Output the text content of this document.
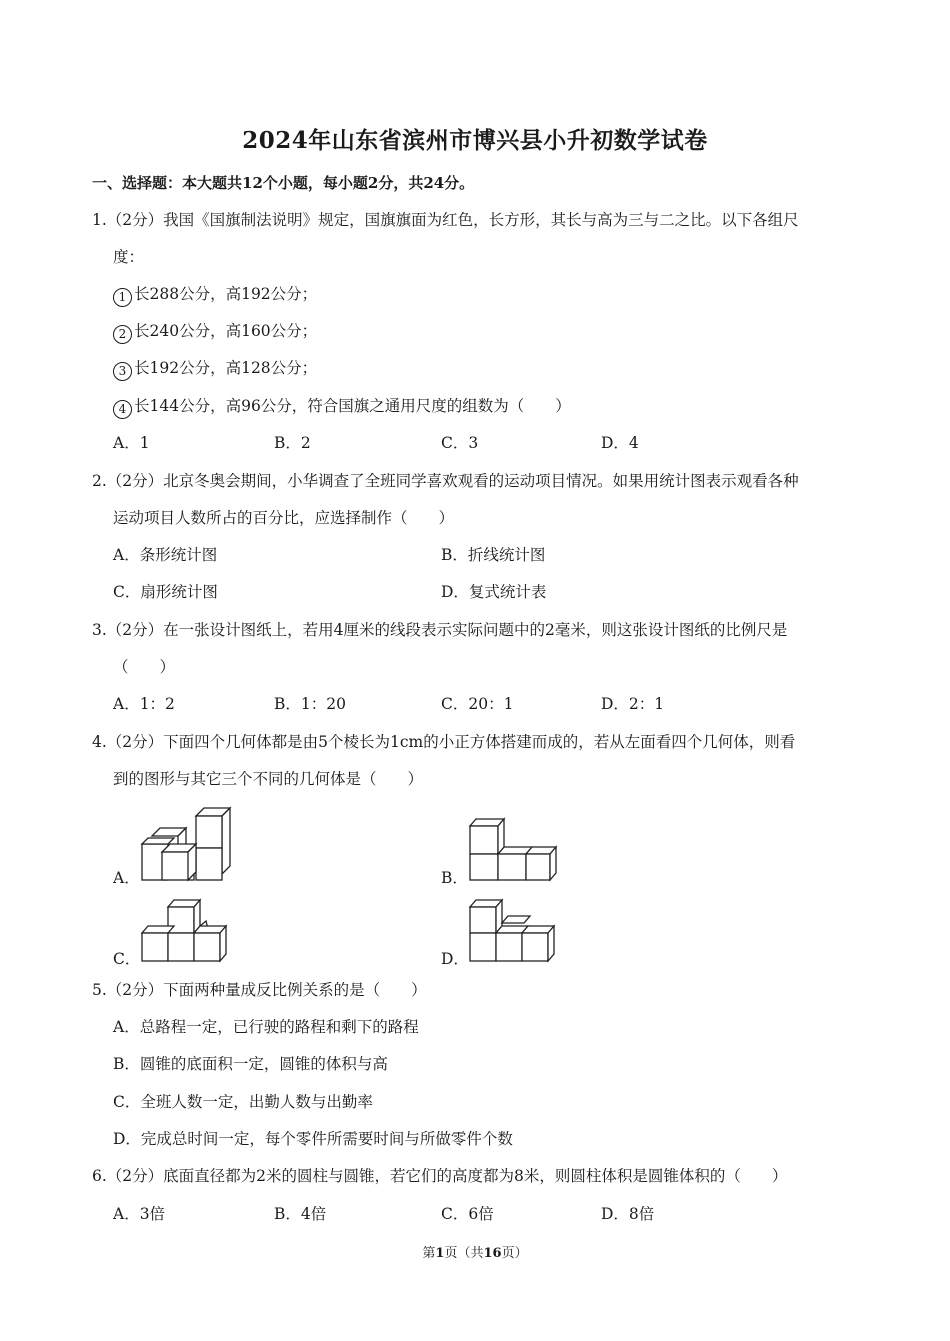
2024年山东省滨州市博兴县小升初数学试卷
一、选择题：本大题共12个小题，每小题2分，共24分。
1.（2分）我国《国旗制法说明》规定，国旗旗面为红色，长方形，其长与高为三与二之比。以下各组尺
度：
1 长288公分，高192公分；
2 长240公分，高160公分；
3 长192公分，高128公分；
4 长144公分，高96公分，符合国旗之通用尺度的组数为（　　）
A．1	B．2	C．3	D．4
2.（2分）北京冬奥会期间，小华调查了全班同学喜欢观看的运动项目情况。如果用统计图表示观看各种
运动项目人数所占的百分比，应选择制作（　　）
A．条形统计图	B．折线统计图
C．扇形统计图	D．复式统计表
3.（2分）在一张设计图纸上，若用4厘米的线段表示实际问题中的2毫米，则这张设计图纸的比例尺是
（　　）
A．1：2	B．1：20	C．20：1	D．2：1
4.（2分）下面四个几何体都是由5个棱长为1cm的小正方体搭建而成的，若从左面看四个几何体，则看
到的图形与其它三个不同的几何体是（　　）
A．	B．
C．	D．
5.（2分）下面两种量成反比例关系的是（　　）
A．总路程一定，已行驶的路程和剩下的路程
B．圆锥的底面积一定，圆锥的体积与高
C．全班人数一定，出勤人数与出勤率
D．完成总时间一定，每个零件所需要时间与所做零件个数
6.（2分）底面直径都为2米的圆柱与圆锥，若它们的高度都为8米，则圆柱体积是圆锥体积的（　　）
A．3倍	B．4倍	C．6倍	D．8倍
第1页（共16页）
